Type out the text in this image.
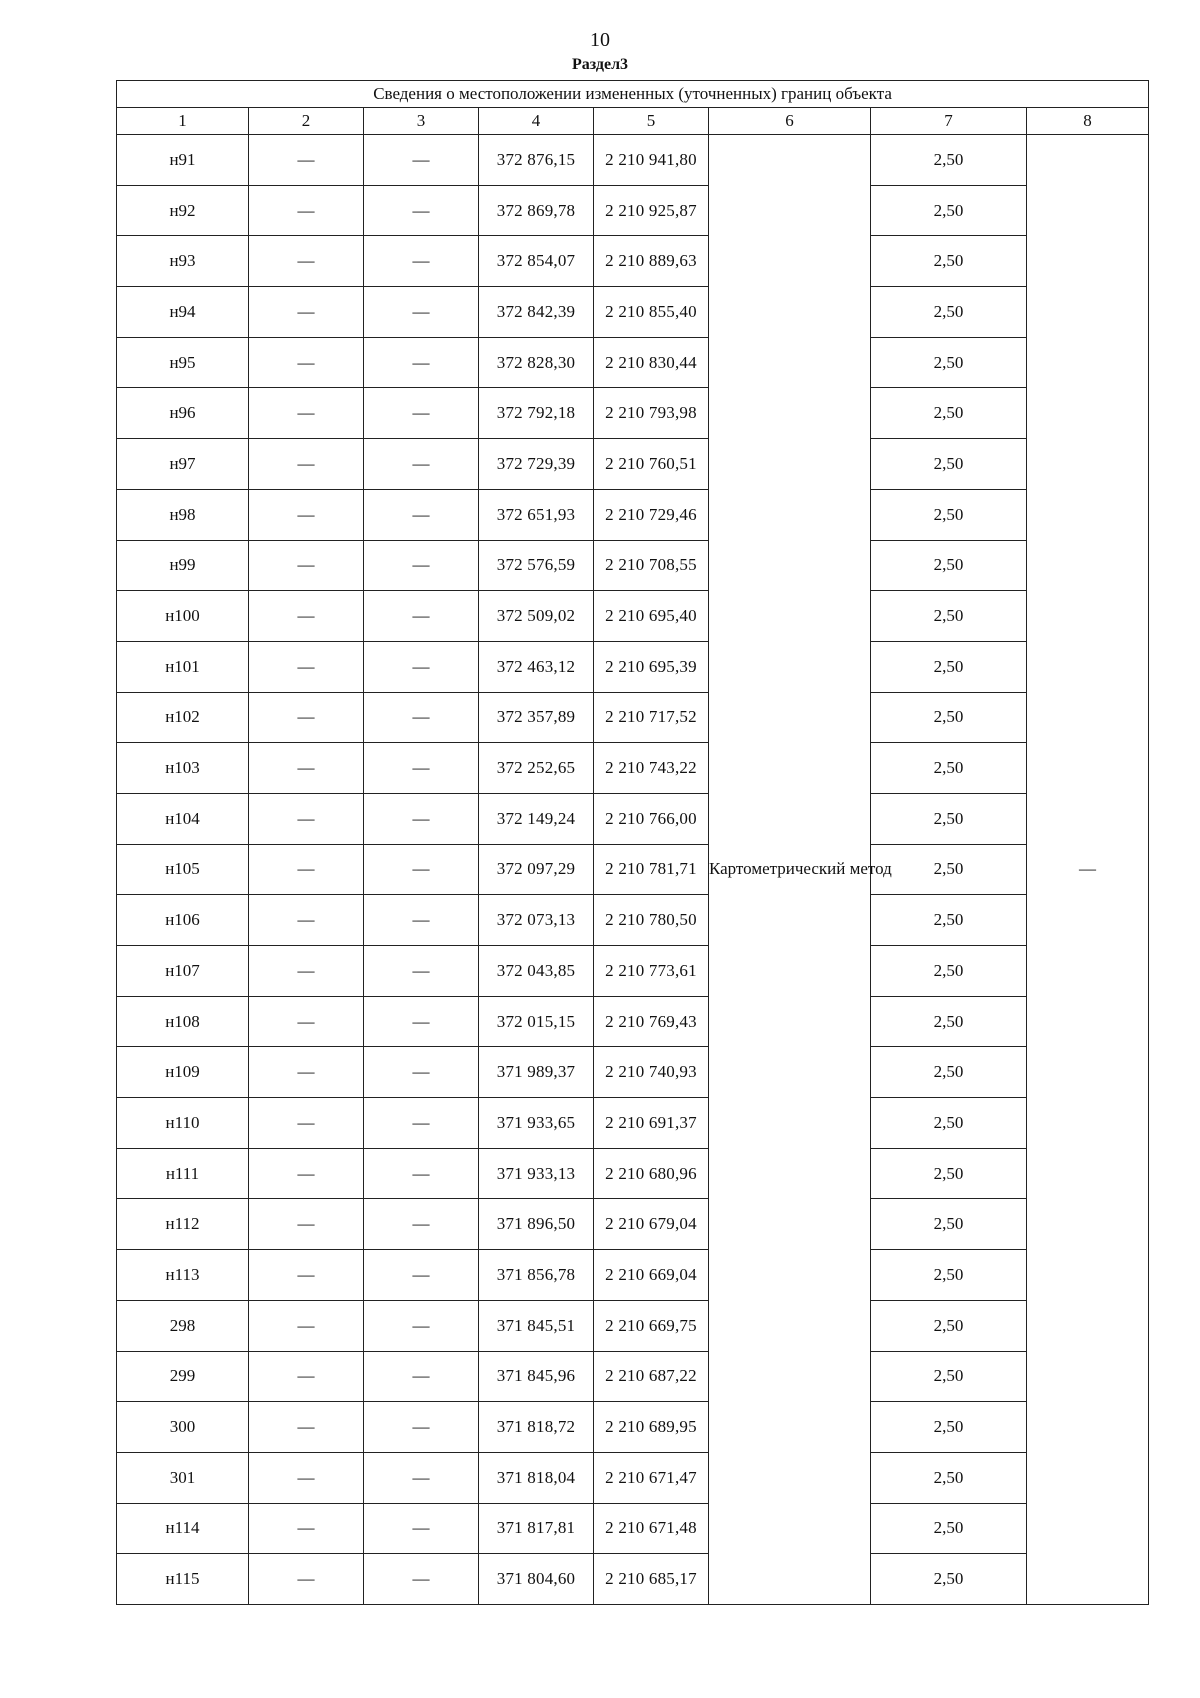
10
Раздел3
Сведения о местоположении измененных (уточненных) границ объекта							
1	2	3	4	5	6	7	8
н91	—	—	372 876,15	2 210 941,80	Картометрический метод	2,50	—
н92	—	—	372 869,78	2 210 925,87		2,50	
н93	—	—	372 854,07	2 210 889,63		2,50	
н94	—	—	372 842,39	2 210 855,40		2,50	
н95	—	—	372 828,30	2 210 830,44		2,50	
н96	—	—	372 792,18	2 210 793,98		2,50	
н97	—	—	372 729,39	2 210 760,51		2,50	
н98	—	—	372 651,93	2 210 729,46		2,50	
н99	—	—	372 576,59	2 210 708,55		2,50	
н100	—	—	372 509,02	2 210 695,40		2,50	
н101	—	—	372 463,12	2 210 695,39		2,50	
н102	—	—	372 357,89	2 210 717,52		2,50	
н103	—	—	372 252,65	2 210 743,22		2,50	
н104	—	—	372 149,24	2 210 766,00		2,50	
н105	—	—	372 097,29	2 210 781,71		2,50	
н106	—	—	372 073,13	2 210 780,50		2,50	
н107	—	—	372 043,85	2 210 773,61		2,50	
н108	—	—	372 015,15	2 210 769,43		2,50	
н109	—	—	371 989,37	2 210 740,93		2,50	
н110	—	—	371 933,65	2 210 691,37		2,50	
н111	—	—	371 933,13	2 210 680,96		2,50	
н112	—	—	371 896,50	2 210 679,04		2,50	
н113	—	—	371 856,78	2 210 669,04		2,50	
298	—	—	371 845,51	2 210 669,75		2,50	
299	—	—	371 845,96	2 210 687,22		2,50	
300	—	—	371 818,72	2 210 689,95		2,50	
301	—	—	371 818,04	2 210 671,47		2,50	
н114	—	—	371 817,81	2 210 671,48		2,50	
н115	—	—	371 804,60	2 210 685,17		2,50	
